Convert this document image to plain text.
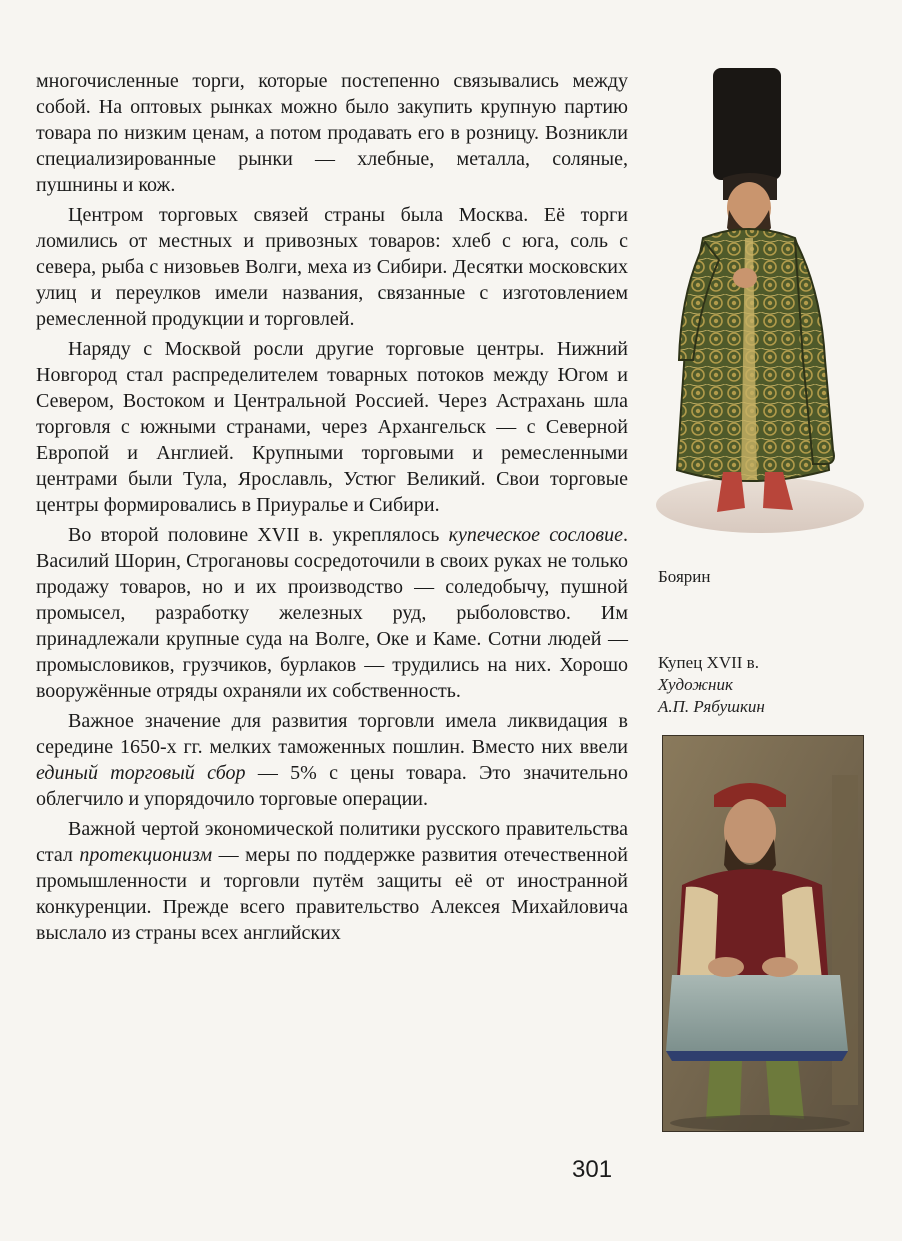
многочисленные торги, которые постепенно связывались между собой. На оптовых рынках можно было закупить крупную партию товара по низким ценам, а потом продавать его в розницу. Возникли специализированные рынки — хлебные, металла, соляные, пушнины и кож.

Центром торговых связей страны была Москва. Её торги ломились от местных и привозных товаров: хлеб с юга, соль с севера, рыба с низовьев Волги, меха из Сибири. Десятки московских улиц и переулков имели названия, связанные с изготовлением ремесленной продукции и торговлей.

Наряду с Москвой росли другие торговые центры. Нижний Новгород стал распределителем товарных потоков между Югом и Севером, Востоком и Центральной Россией. Через Астрахань шла торговля с южными странами, через Архангельск — с Северной Европой и Англией. Крупными торговыми и ремесленными центрами были Тула, Ярославль, Устюг Великий. Свои торговые центры формировались в Приуралье и Сибири.

Во второй половине XVII в. укреплялось купеческое сословие. Василий Шорин, Строгановы сосредоточили в своих руках не только продажу товаров, но и их производство — соледобычу, пушной промысел, разработку железных руд, рыболовство. Им принадлежали крупные суда на Волге, Оке и Каме. Сотни людей — промысловиков, грузчиков, бурлаков — трудились на них. Хорошо вооружённые отряды охраняли их собственность.

Важное значение для развития торговли имела ликвидация в середине 1650-х гг. мелких таможенных пошлин. Вместо них ввели единый торговый сбор — 5% с цены товара. Это значительно облегчило и упорядочило торговые операции.

Важной чертой экономической политики русского правительства стал протекционизм — меры по поддержке развития отечественной промышленности и торговли путём защиты её от иностранной конкуренции. Прежде всего правительство Алексея Михайловича выслало из страны всех английских

Боярин
Купец XVII в.
Художник
А.П. Рябушкин
301
